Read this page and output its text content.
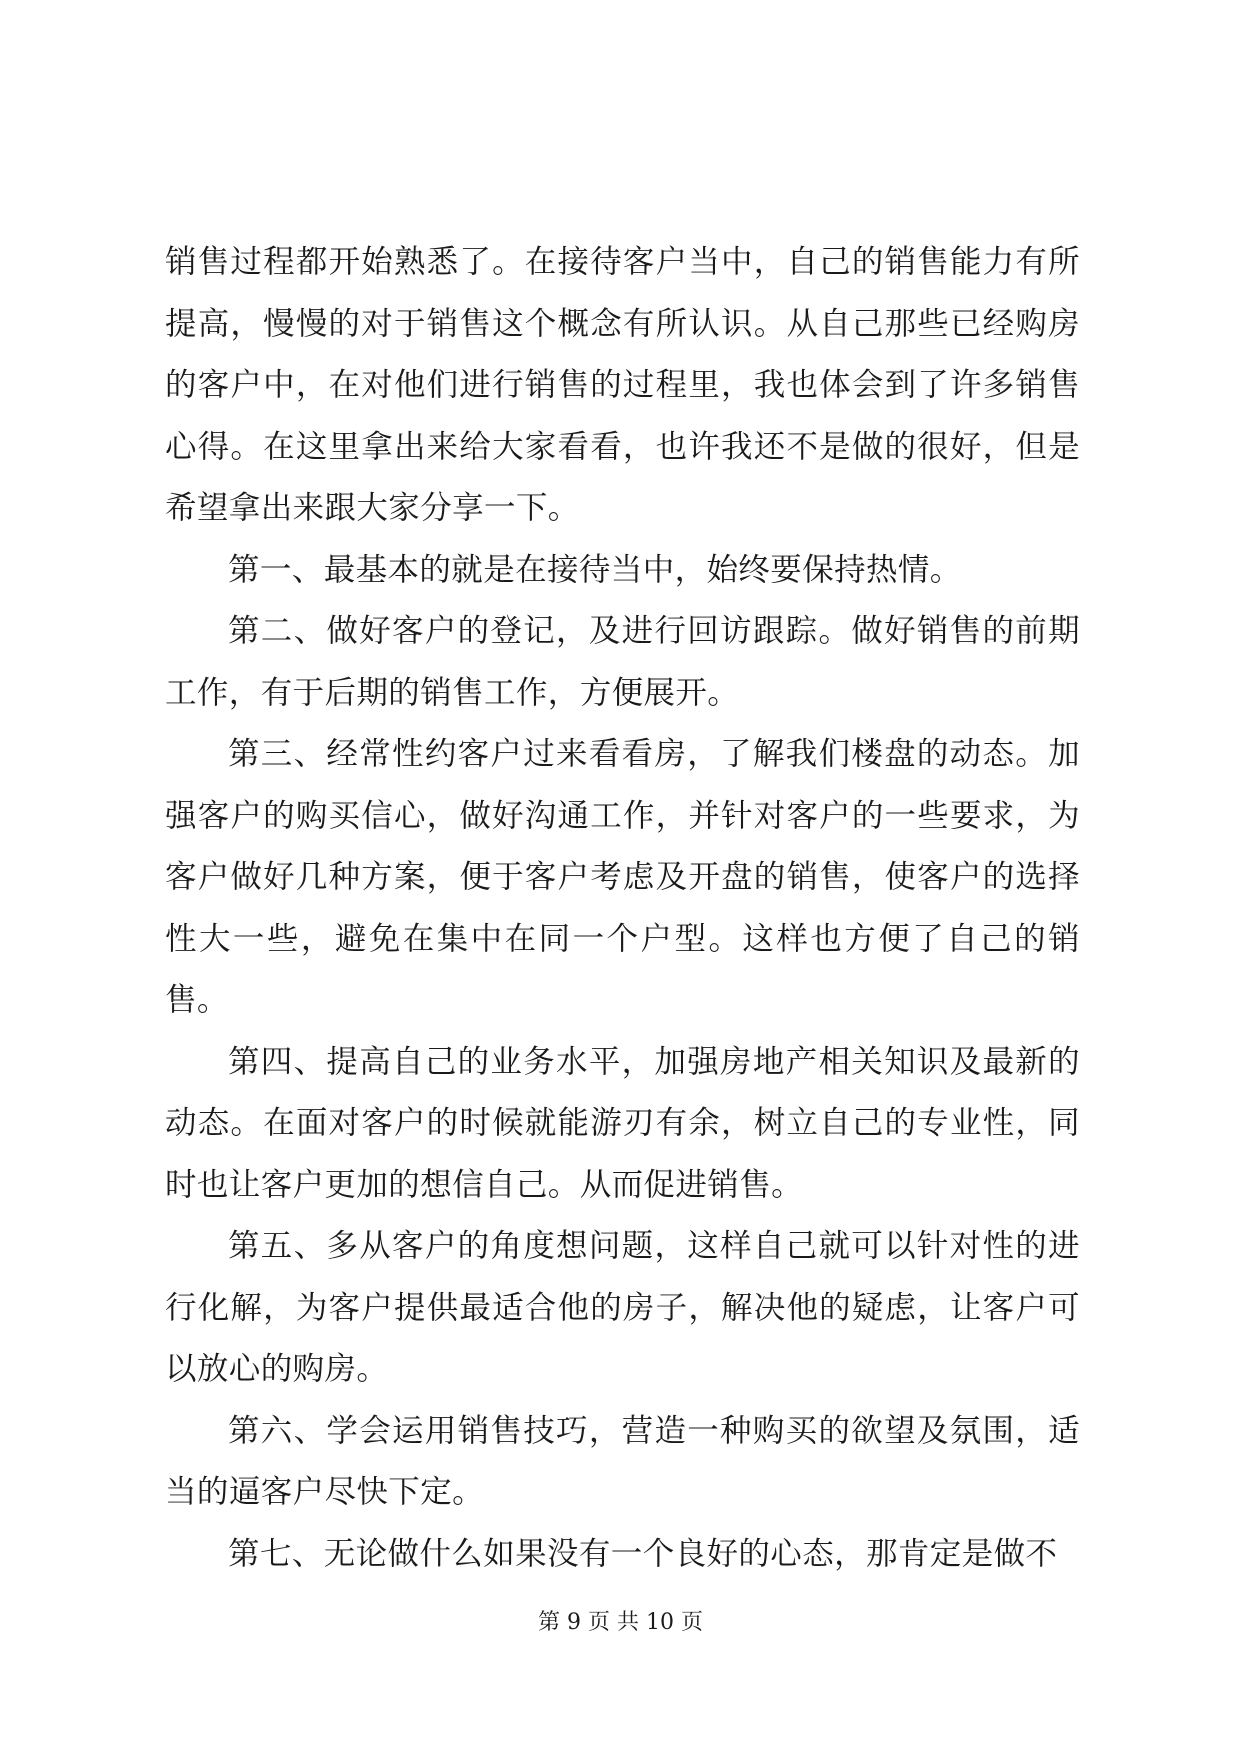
销售过程都开始熟悉了。在接待客户当中，自己的销售能力有所提高，慢慢的对于销售这个概念有所认识。从自己那些已经购房的客户中，在对他们进行销售的过程里，我也体会到了许多销售心得。在这里拿出来给大家看看，也许我还不是做的很好，但是希望拿出来跟大家分享一下。

第一、最基本的就是在接待当中，始终要保持热情。

第二、做好客户的登记，及进行回访跟踪。做好销售的前期工作，有于后期的销售工作，方便展开。

第三、经常性约客户过来看看房，了解我们楼盘的动态。加强客户的购买信心，做好沟通工作，并针对客户的一些要求，为客户做好几种方案，便于客户考虑及开盘的销售，使客户的选择性大一些，避免在集中在同一个户型。这样也方便了自己的销售。

第四、提高自己的业务水平，加强房地产相关知识及最新的动态。在面对客户的时候就能游刃有余，树立自己的专业性，同时也让客户更加的想信自己。从而促进销售。

第五、多从客户的角度想问题，这样自己就可以针对性的进行化解，为客户提供最适合他的房子，解决他的疑虑，让客户可以放心的购房。

第六、学会运用销售技巧，营造一种购买的欲望及氛围，适当的逼客户尽快下定。

第七、无论做什么如果没有一个良好的心态，那肯定是做不

第 9 页 共 10 页
